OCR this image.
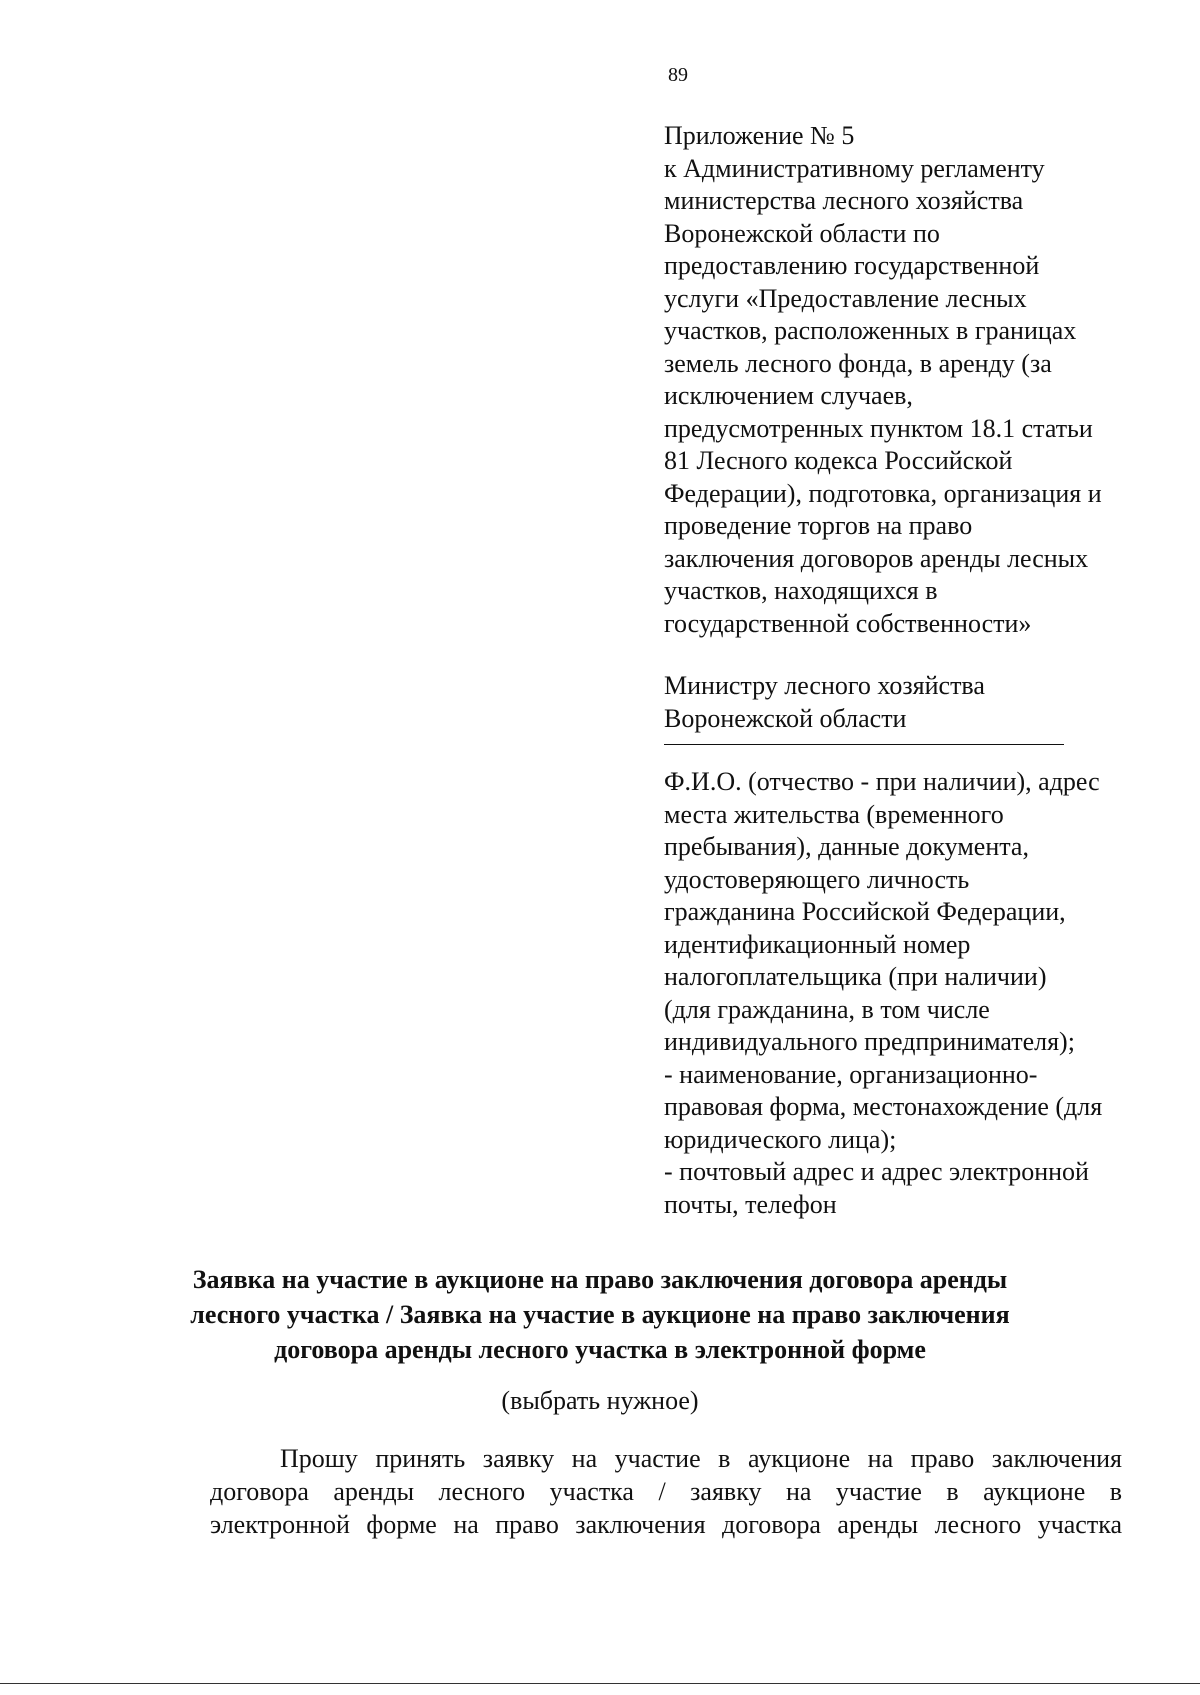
89
Приложение № 5
к Административному регламенту
министерства лесного хозяйства
Воронежской области по
предоставлению государственной
услуги «Предоставление лесных
участков, расположенных в границах
земель лесного фонда, в аренду (за
исключением случаев,
предусмотренных пунктом 18.1 статьи
81 Лесного кодекса Российской
Федерации), подготовка, организация и
проведение торгов на право
заключения договоров аренды лесных
участков, находящихся в
государственной собственности»
Министру лесного хозяйства
Воронежской области
Ф.И.О. (отчество - при наличии), адрес
места жительства (временного
пребывания), данные документа,
удостоверяющего личность
гражданина Российской Федерации,
идентификационный номер
налогоплательщика (при наличии)
(для гражданина, в том числе
индивидуального предпринимателя);
- наименование, организационно-
правовая форма, местонахождение (для
юридического лица);
- почтовый адрес и адрес электронной
почты, телефон
Заявка на участие в аукционе на право заключения договора аренды
лесного участка / Заявка на участие в аукционе на право заключения
договора аренды лесного участка в электронной форме
(выбрать нужное)
Прошу принять заявку на участие в аукционе на право заключения
договора аренды лесного участка / заявку на участие в аукционе в
электронной форме на право заключения договора аренды лесного участка
